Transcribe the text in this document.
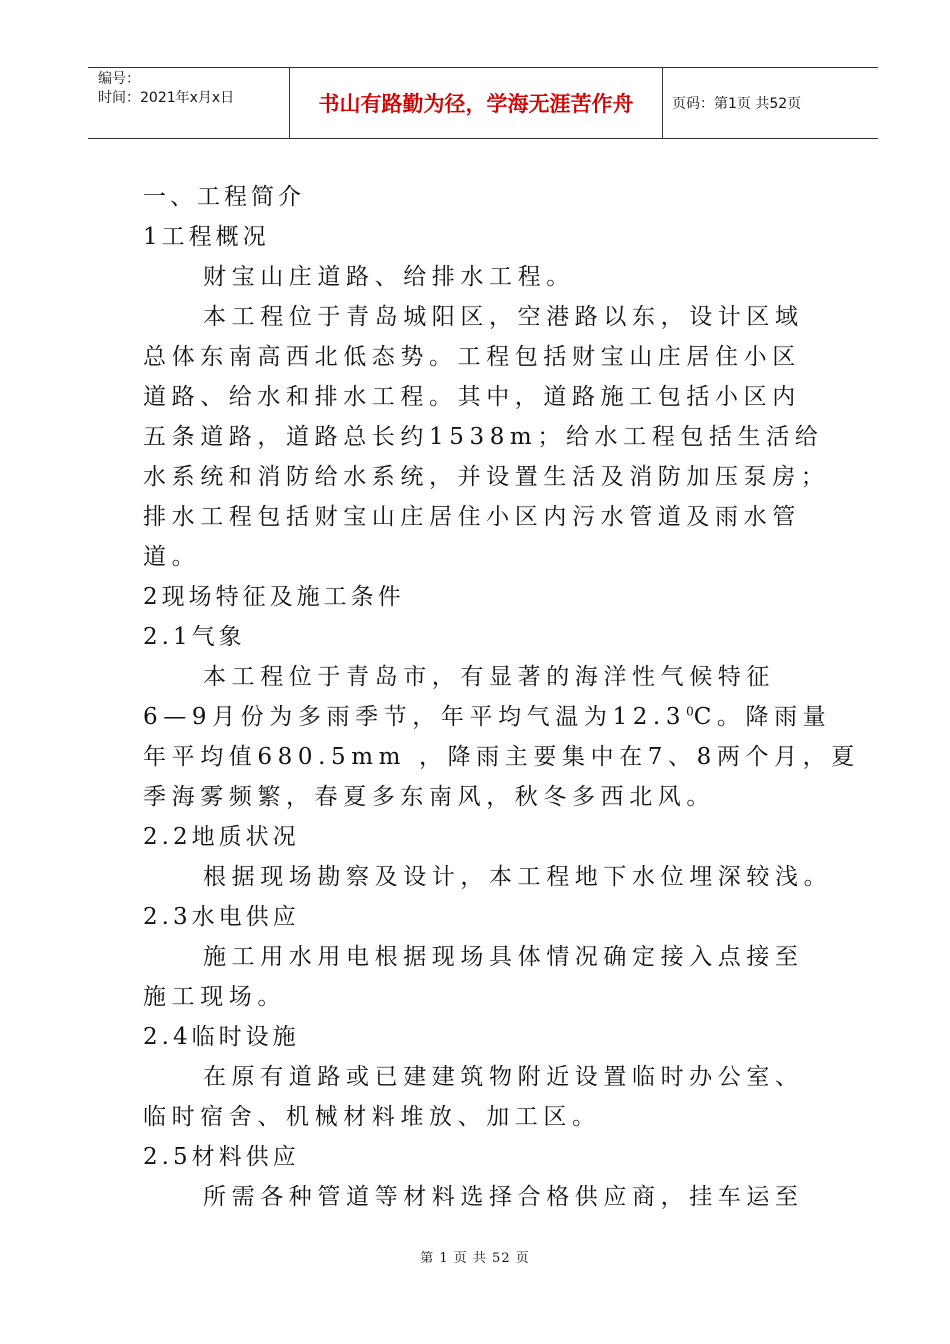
编号：
时间：2021年x月x日	书山有路勤为径，学海无涯苦作舟	页码：第1页 共52页
一、工程简介
1工程概况
财宝山庄道路、给排水工程。
本工程位于青岛城阳区，空港路以东，设计区域
总体东南高西北低态势。工程包括财宝山庄居住小区
道路、给水和排水工程。其中，道路施工包括小区内
五条道路，道路总长约1538m；给水工程包括生活给
水系统和消防给水系统，并设置生活及消防加压泵房；
排水工程包括财宝山庄居住小区内污水管道及雨水管
道。
2现场特征及施工条件
2.1气象
本工程位于青岛市，有显著的海洋性气候特征
6—9月份为多雨季节，年平均气温为12.3$^0$C。降雨量
年平均值680.5mm ，降雨主要集中在7、8两个月，夏
季海雾频繁，春夏多东南风，秋冬多西北风。
2.2地质状况
根据现场勘察及设计，本工程地下水位埋深较浅。
2.3水电供应
施工用水用电根据现场具体情况确定接入点接至
施工现场。
2.4临时设施
在原有道路或已建建筑物附近设置临时办公室、
临时宿舍、机械材料堆放、加工区。
2.5材料供应
所需各种管道等材料选择合格供应商，挂车运至
第 1 页 共 52 页
